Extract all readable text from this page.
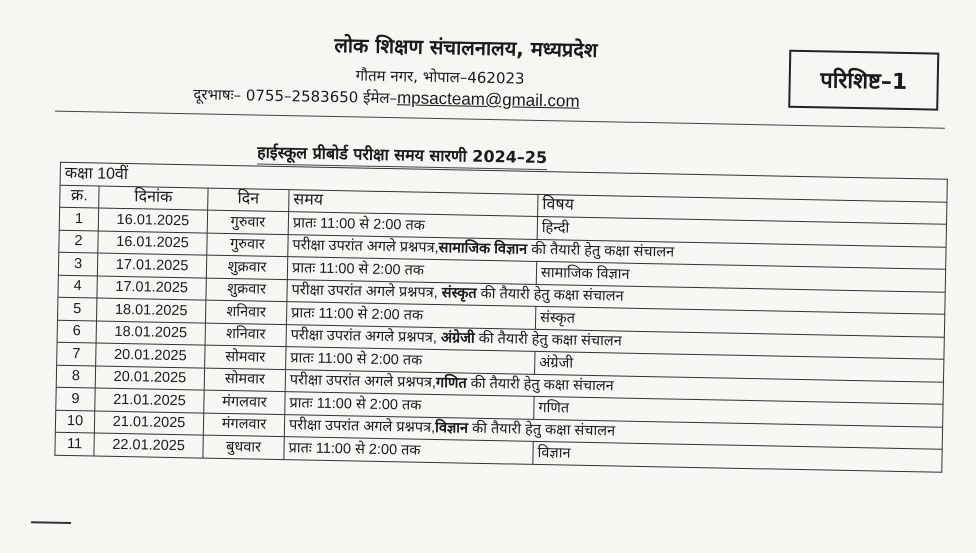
लोक शिक्षण संचालनालय, मध्यप्रदेश
गौतम नगर, भोपाल–462023
दूरभाषः– 0755–2583650 ईमेल–mpsacteam@gmail.com
परिशिष्ट–1
हाईस्कूल प्रीबोर्ड परीक्षा समय सारणी 2024–25
कक्षा 10वीं				
क्र.	दिनांक	दिन	समय	विषय
1	16.01.2025	गुरुवार	प्रातः 11:00 से 2:00 तक	हिन्दी
2	16.01.2025	गुरुवार	परीक्षा उपरांत अगले प्रश्नपत्र,सामाजिक विज्ञान की तैयारी हेतु कक्षा संचालन	
3	17.01.2025	शुक्रवार	प्रातः 11:00 से 2:00 तक	सामाजिक विज्ञान
4	17.01.2025	शुक्रवार	परीक्षा उपरांत अगले प्रश्नपत्र, संस्कृत की तैयारी हेतु कक्षा संचालन	
5	18.01.2025	शनिवार	प्रातः 11:00 से 2:00 तक	संस्कृत
6	18.01.2025	शनिवार	परीक्षा उपरांत अगले प्रश्नपत्र, अंग्रेजी की तैयारी हेतु कक्षा संचालन	
7	20.01.2025	सोमवार	प्रातः 11:00 से 2:00 तक	अंग्रेजी
8	20.01.2025	सोमवार	परीक्षा उपरांत अगले प्रश्नपत्र,गणित की तैयारी हेतु कक्षा संचालन	
9	21.01.2025	मंगलवार	प्रातः 11:00 से 2:00 तक	गणित
10	21.01.2025	मंगलवार	परीक्षा उपरांत अगले प्रश्नपत्र,विज्ञान की तैयारी हेतु कक्षा संचालन	
11	22.01.2025	बुधवार	प्रातः 11:00 से 2:00 तक	विज्ञान
